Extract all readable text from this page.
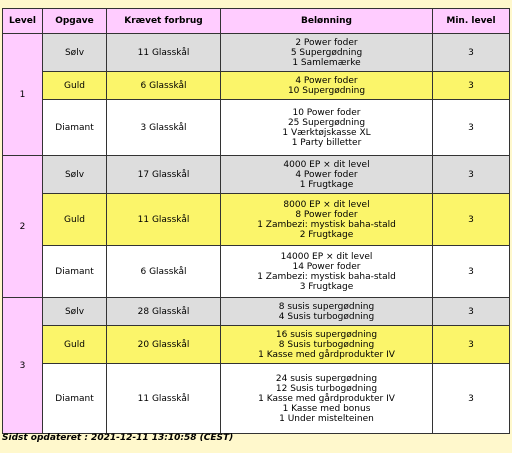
Level	Opgave	Krævet forbrug	Belønning	Min. level
1	Sølv	11 Glasskål	2 Power foder
5 Supergødning
1 Samlemærke	3
	Guld	6 Glasskål	4 Power foder
10 Supergødning	3
	Diamant	3 Glasskål	10 Power foder
25 Supergødning
1 Værktøjskasse XL
1 Party billetter	3
2	Sølv	17 Glasskål	4000 EP × dit level
4 Power foder
1 Frugtkage	3
	Guld	11 Glasskål	8000 EP × dit level
8 Power foder
1 Zambezi: mystisk baha-stald
2 Frugtkage	3
	Diamant	6 Glasskål	14000 EP × dit level
14 Power foder
1 Zambezi: mystisk baha-stald
3 Frugtkage	3
3	Sølv	28 Glasskål	8 susis supergødning
4 Susis turbogødning	3
	Guld	20 Glasskål	16 susis supergødning
8 Susis turbogødning
1 Kasse med gårdprodukter IV	3
	Diamant	11 Glasskål	24 susis supergødning
12 Susis turbogødning
1 Kasse med gårdprodukter IV
1 Kasse med bonus
1 Under mistelteinen	3
Sidst opdateret : 2021-12-11 13:10:58 (CEST)
